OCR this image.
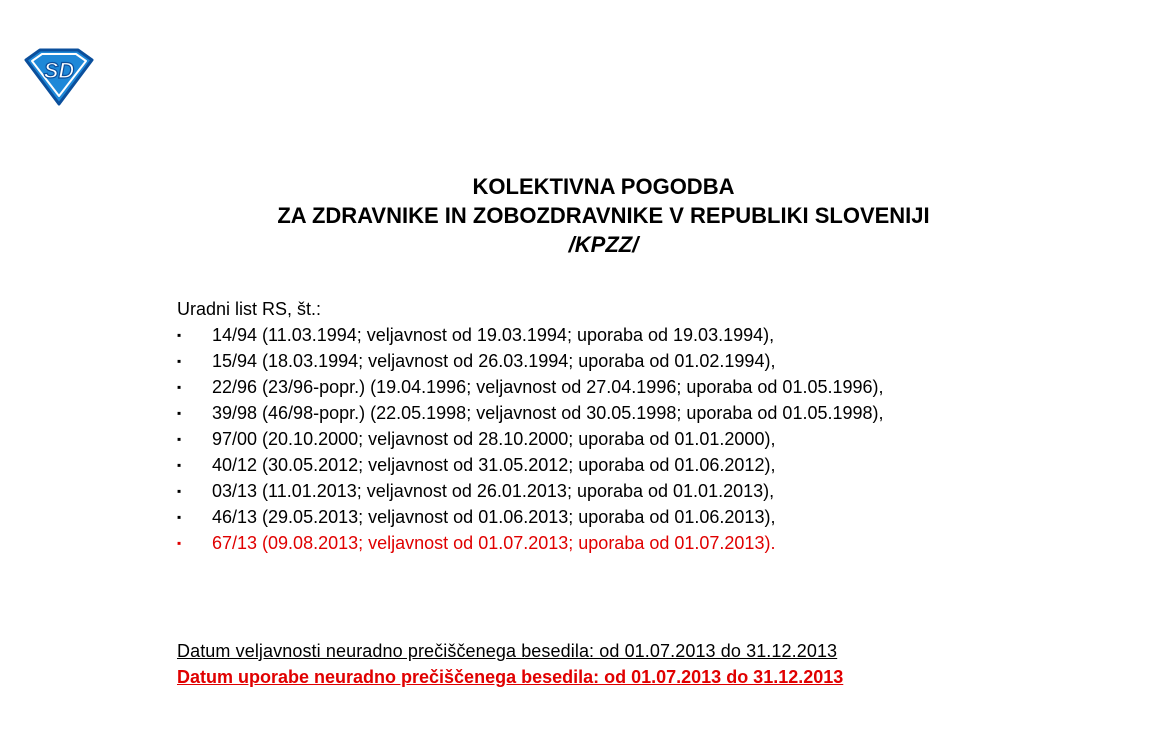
SD
KOLEKTIVNA POGODBA
ZA ZDRAVNIKE IN ZOBOZDRAVNIKE V REPUBLIKI SLOVENIJI
/KPZZ/
Uradni list RS, št.:
▪ 14/94 (11.03.1994; veljavnost od 19.03.1994; uporaba od 19.03.1994),
▪ 15/94 (18.03.1994; veljavnost od 26.03.1994; uporaba od 01.02.1994),
▪ 22/96 (23/96-popr.) (19.04.1996; veljavnost od 27.04.1996; uporaba od 01.05.1996),
▪ 39/98 (46/98-popr.) (22.05.1998; veljavnost od 30.05.1998; uporaba od 01.05.1998),
▪ 97/00 (20.10.2000; veljavnost od 28.10.2000; uporaba od 01.01.2000),
▪ 40/12 (30.05.2012; veljavnost od 31.05.2012; uporaba od 01.06.2012),
▪ 03/13 (11.01.2013; veljavnost od 26.01.2013; uporaba od 01.01.2013),
▪ 46/13 (29.05.2013; veljavnost od 01.06.2013; uporaba od 01.06.2013),
▪ 67/13 (09.08.2013; veljavnost od 01.07.2013; uporaba od 01.07.2013).
Datum veljavnosti neuradno prečiščenega besedila: od 01.07.2013 do 31.12.2013
Datum uporabe neuradno prečiščenega besedila: od 01.07.2013 do 31.12.2013
